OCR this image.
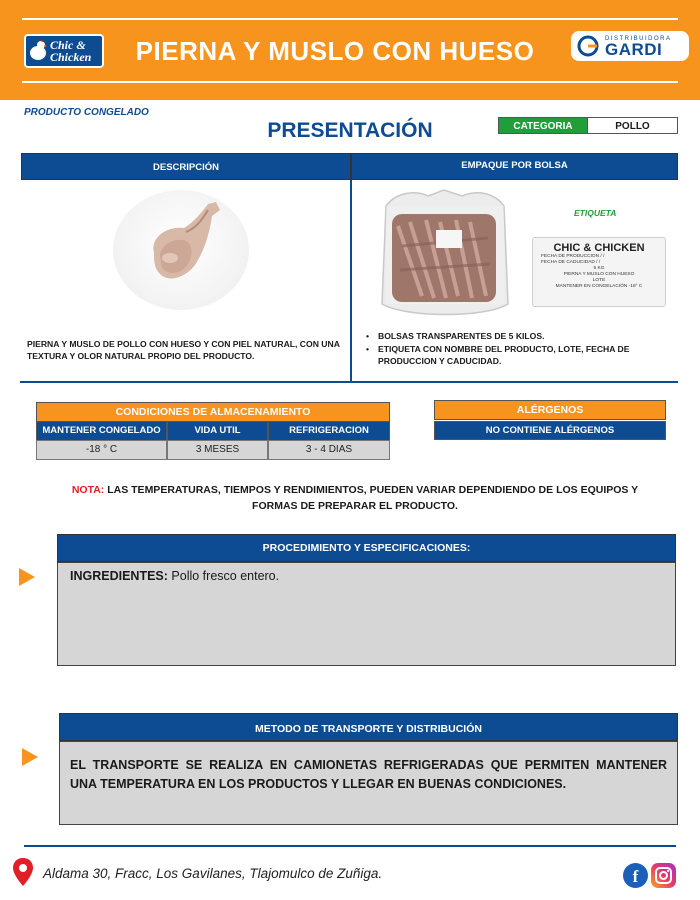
Chic &
Chicken	PIERNA Y MUSLO CON HUESO	DISTRIBUIDORA
GARDI
PRODUCTO CONGELADO
PRESENTACIÓN	CATEGORIA	POLLO
DESCRIPCIÓN	EMPAQUE POR BOLSA
PIERNA Y MUSLO DE POLLO CON HUESO Y CON PIEL NATURAL, CON UNA TEXTURA Y OLOR NATURAL PROPIO DEL PRODUCTO.
ETIQUETA
CHIC & CHICKEN
FECHA DE PRODUCCION / /
FECHA DE CADUCIDAD / /
5 KG
PIERNA Y MUSLO CON HUESO
LOTE
MANTENER EN CONGELACIÓN -18° C
• BOLSAS TRANSPARENTES DE 5 KILOS.
• ETIQUETA CON NOMBRE DEL PRODUCTO, LOTE, FECHA DE PRODUCCION Y CADUCIDAD.
CONDICIONES DE ALMACENAMIENTO
MANTENER CONGELADO	VIDA UTIL	REFRIGERACION
-18 ° C	3 MESES	3 - 4 DIAS
ALÉRGENOS
NO CONTIENE ALÉRGENOS
NOTA: LAS TEMPERATURAS, TIEMPOS Y RENDIMIENTOS, PUEDEN VARIAR DEPENDIENDO DE LOS EQUIPOS Y FORMAS DE PREPARAR EL PRODUCTO.
PROCEDIMIENTO Y ESPECIFICACIONES:
INGREDIENTES: Pollo fresco entero.
METODO DE TRANSPORTE Y DISTRIBUCIÓN
EL TRANSPORTE SE REALIZA EN CAMIONETAS REFRIGERADAS QUE PERMITEN MANTENER UNA TEMPERATURA EN LOS PRODUCTOS Y LLEGAR EN BUENAS CONDICIONES.
Aldama 30, Fracc, Los Gavilanes, Tlajomulco de Zuñiga.	f
